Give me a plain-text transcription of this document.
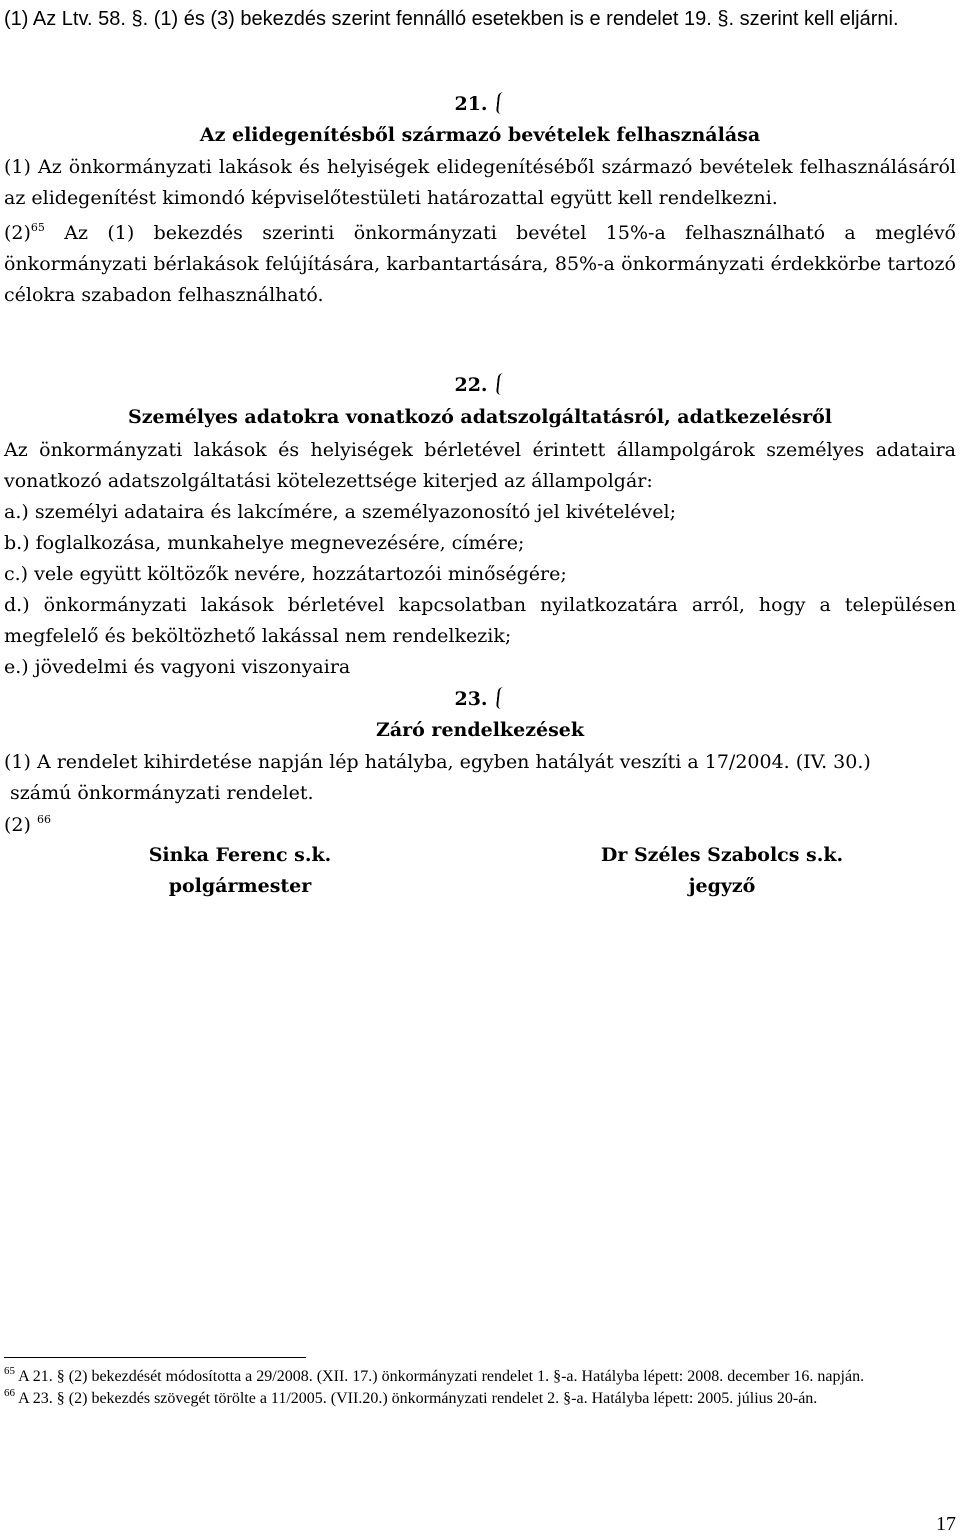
(1) Az Ltv. 58. §. (1) és (3) bekezdés szerint fennálló esetekben is e rendelet 19. §. szerint kell eljárni.
21.
Az elidegenítésből származó bevételek felhasználása
(1) Az önkormányzati lakások és helyiségek elidegenítéséből származó bevételek felhasználásáról az elidegenítést kimondó képviselőtestületi határozattal együtt kell rendelkezni.
$(2)^{65}$ Az (1) bekezdés szerinti önkormányzati bevétel 15%-a felhasználható a meglévő önkormányzati bérlakások felújítására, karbantartására, 85%-a önkormányzati érdekkörbe tartozó célokra szabadon felhasználható.
22.
Személyes adatokra vonatkozó adatszolgáltatásról, adatkezelésről
Az önkormányzati lakások és helyiségek bérletével érintett állampolgárok személyes adataira vonatkozó adatszolgáltatási kötelezettsége kiterjed az állampolgár:
a.) személyi adataira és lakcímére, a személyazonosító jel kivételével;
b.) foglalkozása, munkahelye megnevezésére, címére;
c.) vele együtt költözők nevére, hozzátartozói minőségére;
d.) önkormányzati lakások bérletével kapcsolatban nyilatkozatára arról, hogy a településen megfelelő és beköltözhető lakással nem rendelkezik;
e.) jövedelmi és vagyoni viszonyaira
23.
Záró rendelkezések
(1) A rendelet kihirdetése napján lép hatályba, egyben hatályát veszíti a 17/2004. (IV. 30.)
számú önkormányzati rendelet.
(2) $^{66}$
Sinka Ferenc s.k.
polgármester
Dr Széles Szabolcs s.k.
jegyző
$^{65}$ A 21. § (2) bekezdését módosította a 29/2008. (XII. 17.) önkormányzati rendelet 1. §-a. Hatályba lépett: 2008. december 16. napján.
$^{66}$ A 23. § (2) bekezdés szövegét törölte a 11/2005. (VII.20.) önkormányzati rendelet 2. §-a. Hatályba lépett: 2005. július 20-án.
17
